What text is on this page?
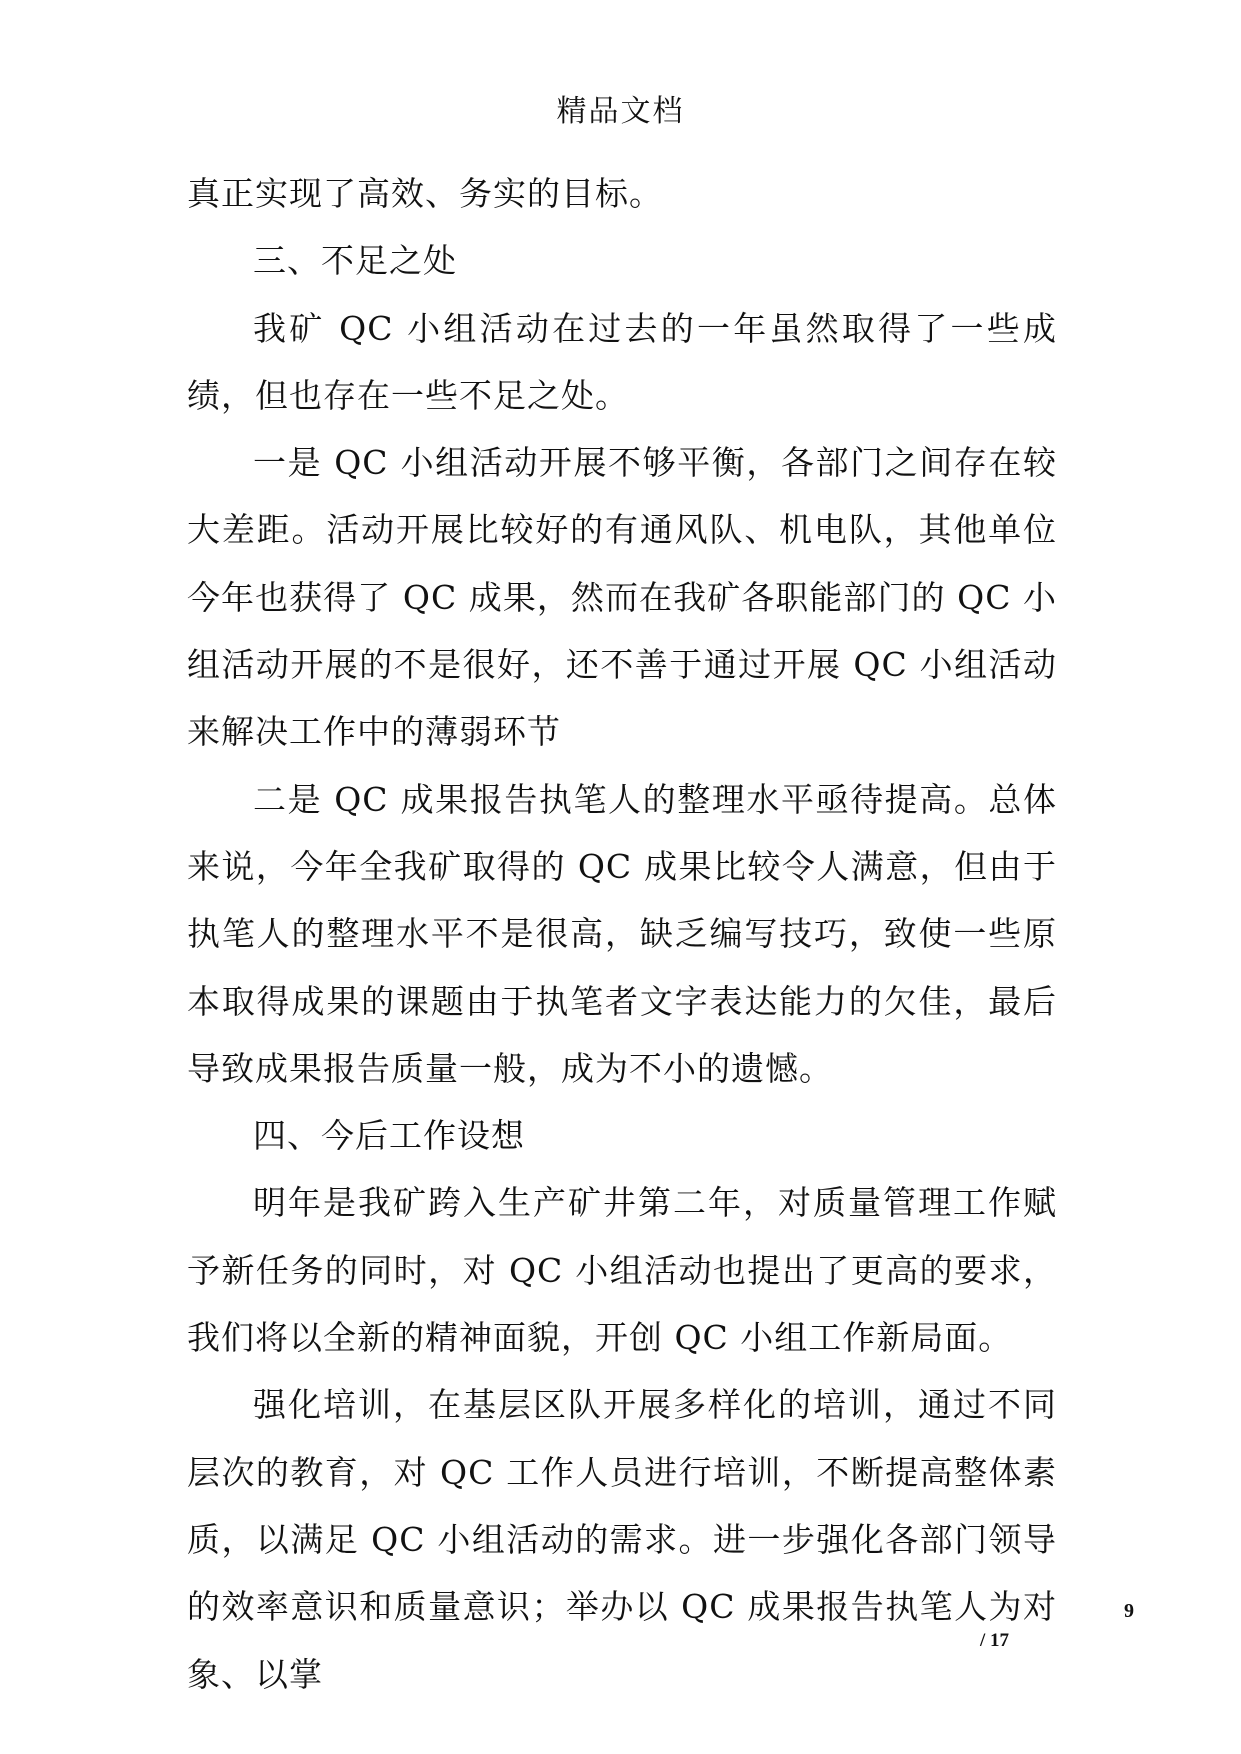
精品文档

真正实现了高效、务实的目标。

三、不足之处

我矿 QC 小组活动在过去的一年虽然取得了一些成绩，但也存在一些不足之处。

一是 QC 小组活动开展不够平衡，各部门之间存在较大差距。活动开展比较好的有通风队、机电队，其他单位今年也获得了 QC 成果，然而在我矿各职能部门的 QC 小组活动开展的不是很好，还不善于通过开展 QC 小组活动来解决工作中的薄弱环节

二是 QC 成果报告执笔人的整理水平亟待提高。总体来说，今年全我矿取得的 QC 成果比较令人满意，但由于执笔人的整理水平不是很高，缺乏编写技巧，致使一些原本取得成果的课题由于执笔者文字表达能力的欠佳，最后导致成果报告质量一般，成为不小的遗憾。

四、今后工作设想

明年是我矿跨入生产矿井第二年，对质量管理工作赋予新任务的同时，对 QC 小组活动也提出了更高的要求，我们将以全新的精神面貌，开创 QC 小组工作新局面。

强化培训，在基层区队开展多样化的培训，通过不同层次的教育，对 QC 工作人员进行培训，不断提高整体素质，以满足 QC 小组活动的需求。进一步强化各部门领导的效率意识和质量意识；举办以 QC 成果报告执笔人为对象、以掌

9
/ 17
